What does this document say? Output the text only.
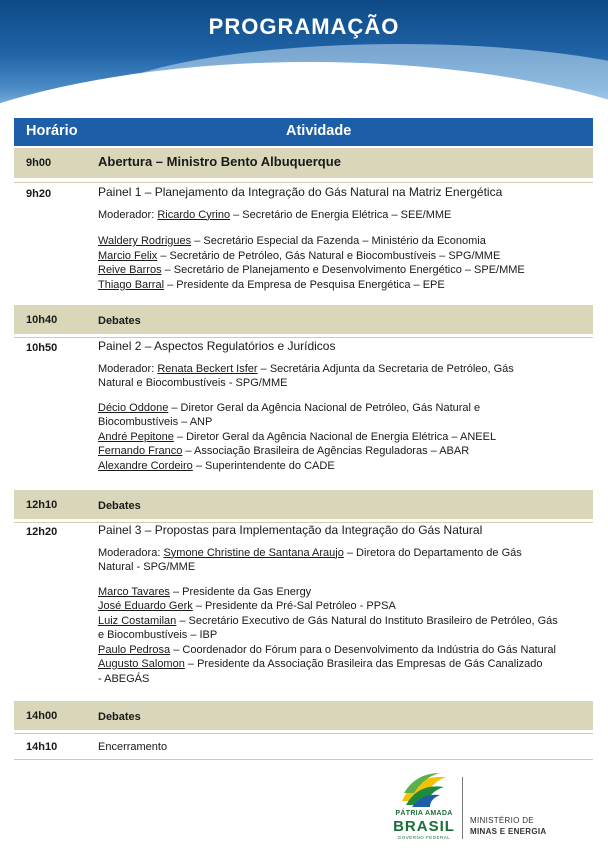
PROGRAMAÇÃO
Horário	Atividade
9h00	Abertura – Ministro Bento Albuquerque
9h20	Painel 1 – Planejamento da Integração do Gás Natural na Matriz Energética
Moderador: Ricardo Cyrino – Secretário de Energia Elétrica – SEE/MME
Waldery Rodrigues – Secretário Especial da Fazenda – Ministério da Economia
Marcio Felix – Secretário de Petróleo, Gás Natural e Biocombustíveis – SPG/MME
Reive Barros – Secretário de Planejamento e Desenvolvimento Energético – SPE/MME
Thiago Barral – Presidente da Empresa de Pesquisa Energética – EPE
10h40	Debates
10h50	Painel 2 – Aspectos Regulatórios e Jurídicos
Moderador: Renata Beckert Isfer – Secretária Adjunta da Secretaria de Petróleo, Gás
Natural e Biocombustíveis - SPG/MME
Décio Oddone – Diretor Geral da Agência Nacional de Petróleo, Gás Natural e
Biocombustíveis – ANP
André Pepitone – Diretor Geral da Agência Nacional de Energia Elétrica – ANEEL
Fernando Franco – Associação Brasileira de Agências Reguladoras – ABAR
Alexandre Cordeiro – Superintendente do CADE
12h10	Debates
12h20	Painel 3 – Propostas para Implementação da Integração do Gás Natural
Moderadora: Symone Christine de Santana Araujo – Diretora do Departamento de Gás
Natural - SPG/MME
Marco Tavares – Presidente da Gas Energy
José Eduardo Gerk – Presidente da Pré-Sal Petróleo - PPSA
Luiz Costamilan – Secretário Executivo de Gás Natural do Instituto Brasileiro de Petróleo, Gás
e Biocombustíveis – IBP
Paulo Pedrosa – Coordenador do Fórum para o Desenvolvimento da Indústria do Gás Natural
Augusto Salomon – Presidente da Associação Brasileira das Empresas de Gás Canalizado
- ABEGÁS
14h00	Debates
14h10	Encerramento
PÁTRIA AMADA
BRASIL
GOVERNO FEDERAL
MINISTÉRIO DE
MINAS E ENERGIA
